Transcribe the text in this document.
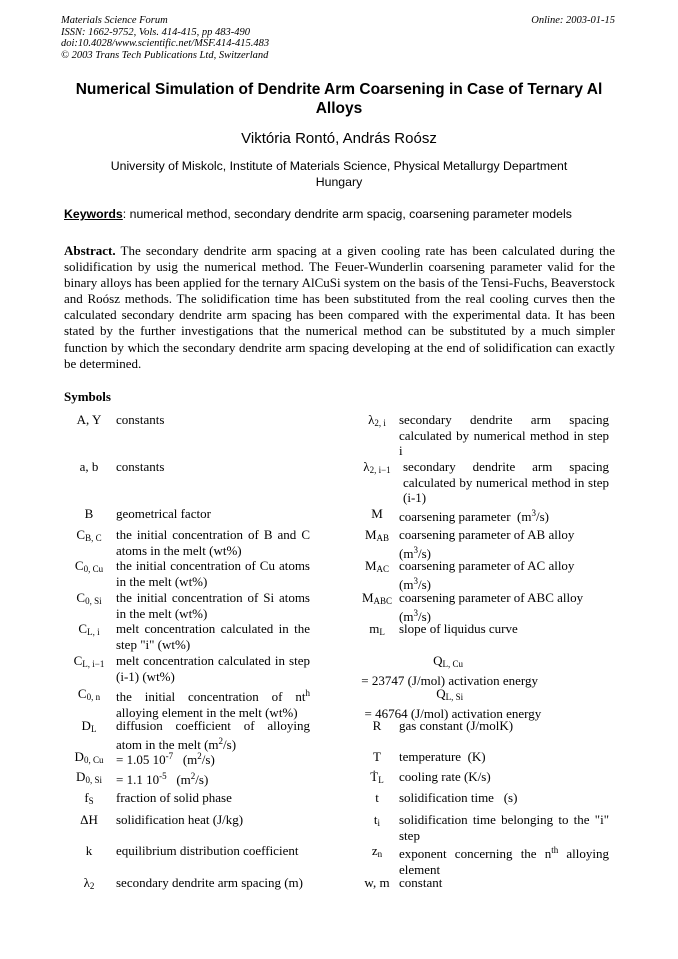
Materials Science Forum
ISSN: 1662-9752, Vols. 414-415, pp 483-490
doi:10.4028/www.scientific.net/MSF.414-415.483
© 2003 Trans Tech Publications Ltd, Switzerland
Online: 2003-01-15
Numerical Simulation of Dendrite Arm Coarsening in Case of Ternary Al Alloys
Viktória Rontó, András Roósz
University of Miskolc, Institute of Materials Science, Physical Metallurgy Department
Hungary
Keywords: numerical method, secondary dendrite arm spacig, coarsening parameter models
Abstract. The secondary dendrite arm spacing at a given cooling rate has been calculated during the solidification by usig the numerical method. The Feuer-Wunderlin coarsening parameter valid for the binary alloys has been applied for the ternary AlCuSi system on the basis of the Tensi-Fuchs, Beaverstock and Roósz methods. The solidification time has been substituted from the real cooling curves then the calculated secondary dendrite arm spacing has been compared with the experimental data. It has been stated by the further investigations that the numerical method can be substituted by a much simpler function by which the secondary dendrite arm spacing developing at the end of solidification can exactly be determined.
Symbols
A, Y	constants
a, b	constants
B	geometrical factor
$C_{B, C}$	the initial concentration of B and C atoms in the melt (wt%)
$C_{0, Cu}$ the initial concentration of Cu atoms in the melt (wt%)
$C_{0, Si}$	the initial concentration of Si atoms in the melt (wt%)
$C_{L, i}$	melt concentration calculated in the step "i" (wt%)
$C_{L, i-1}$ melt concentration calculated in step (i-1) (wt%)
$C_{0, n}$	the initial concentration of $nt^h$ alloying element in the melt (wt%)
$D_L$	diffusion coefficient of alloying atom in the melt $(m^2/s)$
$D_{0, Cu} = 1.05$ $10^{-7}$   $(m^2/s)$
$D_{0, Si}$	= 1.1 $10^{-5}$   $(m^2/s)$
$f_S$	fraction of solid phase
ΔH	solidification heat (J/kg)
k	equilibrium distribution coefficient
$\lambda_2$	secondary dendrite arm spacing (m)
$\lambda_{2, i}$	secondary dendrite arm spacing calculated by numerical method in step i
$\lambda_{2, i-1}$ secondary dendrite arm spacing calculated by numerical method in step (i-1)
M	coarsening parameter  $(m^3/s)$
$M_{AB}$ coarsening parameter of AB alloy
$(m^3/s)$
$M_{AC}$ coarsening parameter of AC alloy
$(m^3/s)$
$M_{ABC}$ coarsening parameter of ABC alloy
$(m^3/s)$
$m_L$	slope of liquidus curve
$Q_{L, Cu} = 23747$ (J/mol) activation energy
$Q_{L, Si} = 46764$ (J/mol) activation energy
R	gas constant (J/molK)
T	temperature  (K)
Ṫ$_L$	cooling rate (K/s)
t	solidification time   (s)
$t_i$	solidification time belonging to the "i" step
$z_n$	exponent concerning the $n^{th}$ alloying element
w, m constant
